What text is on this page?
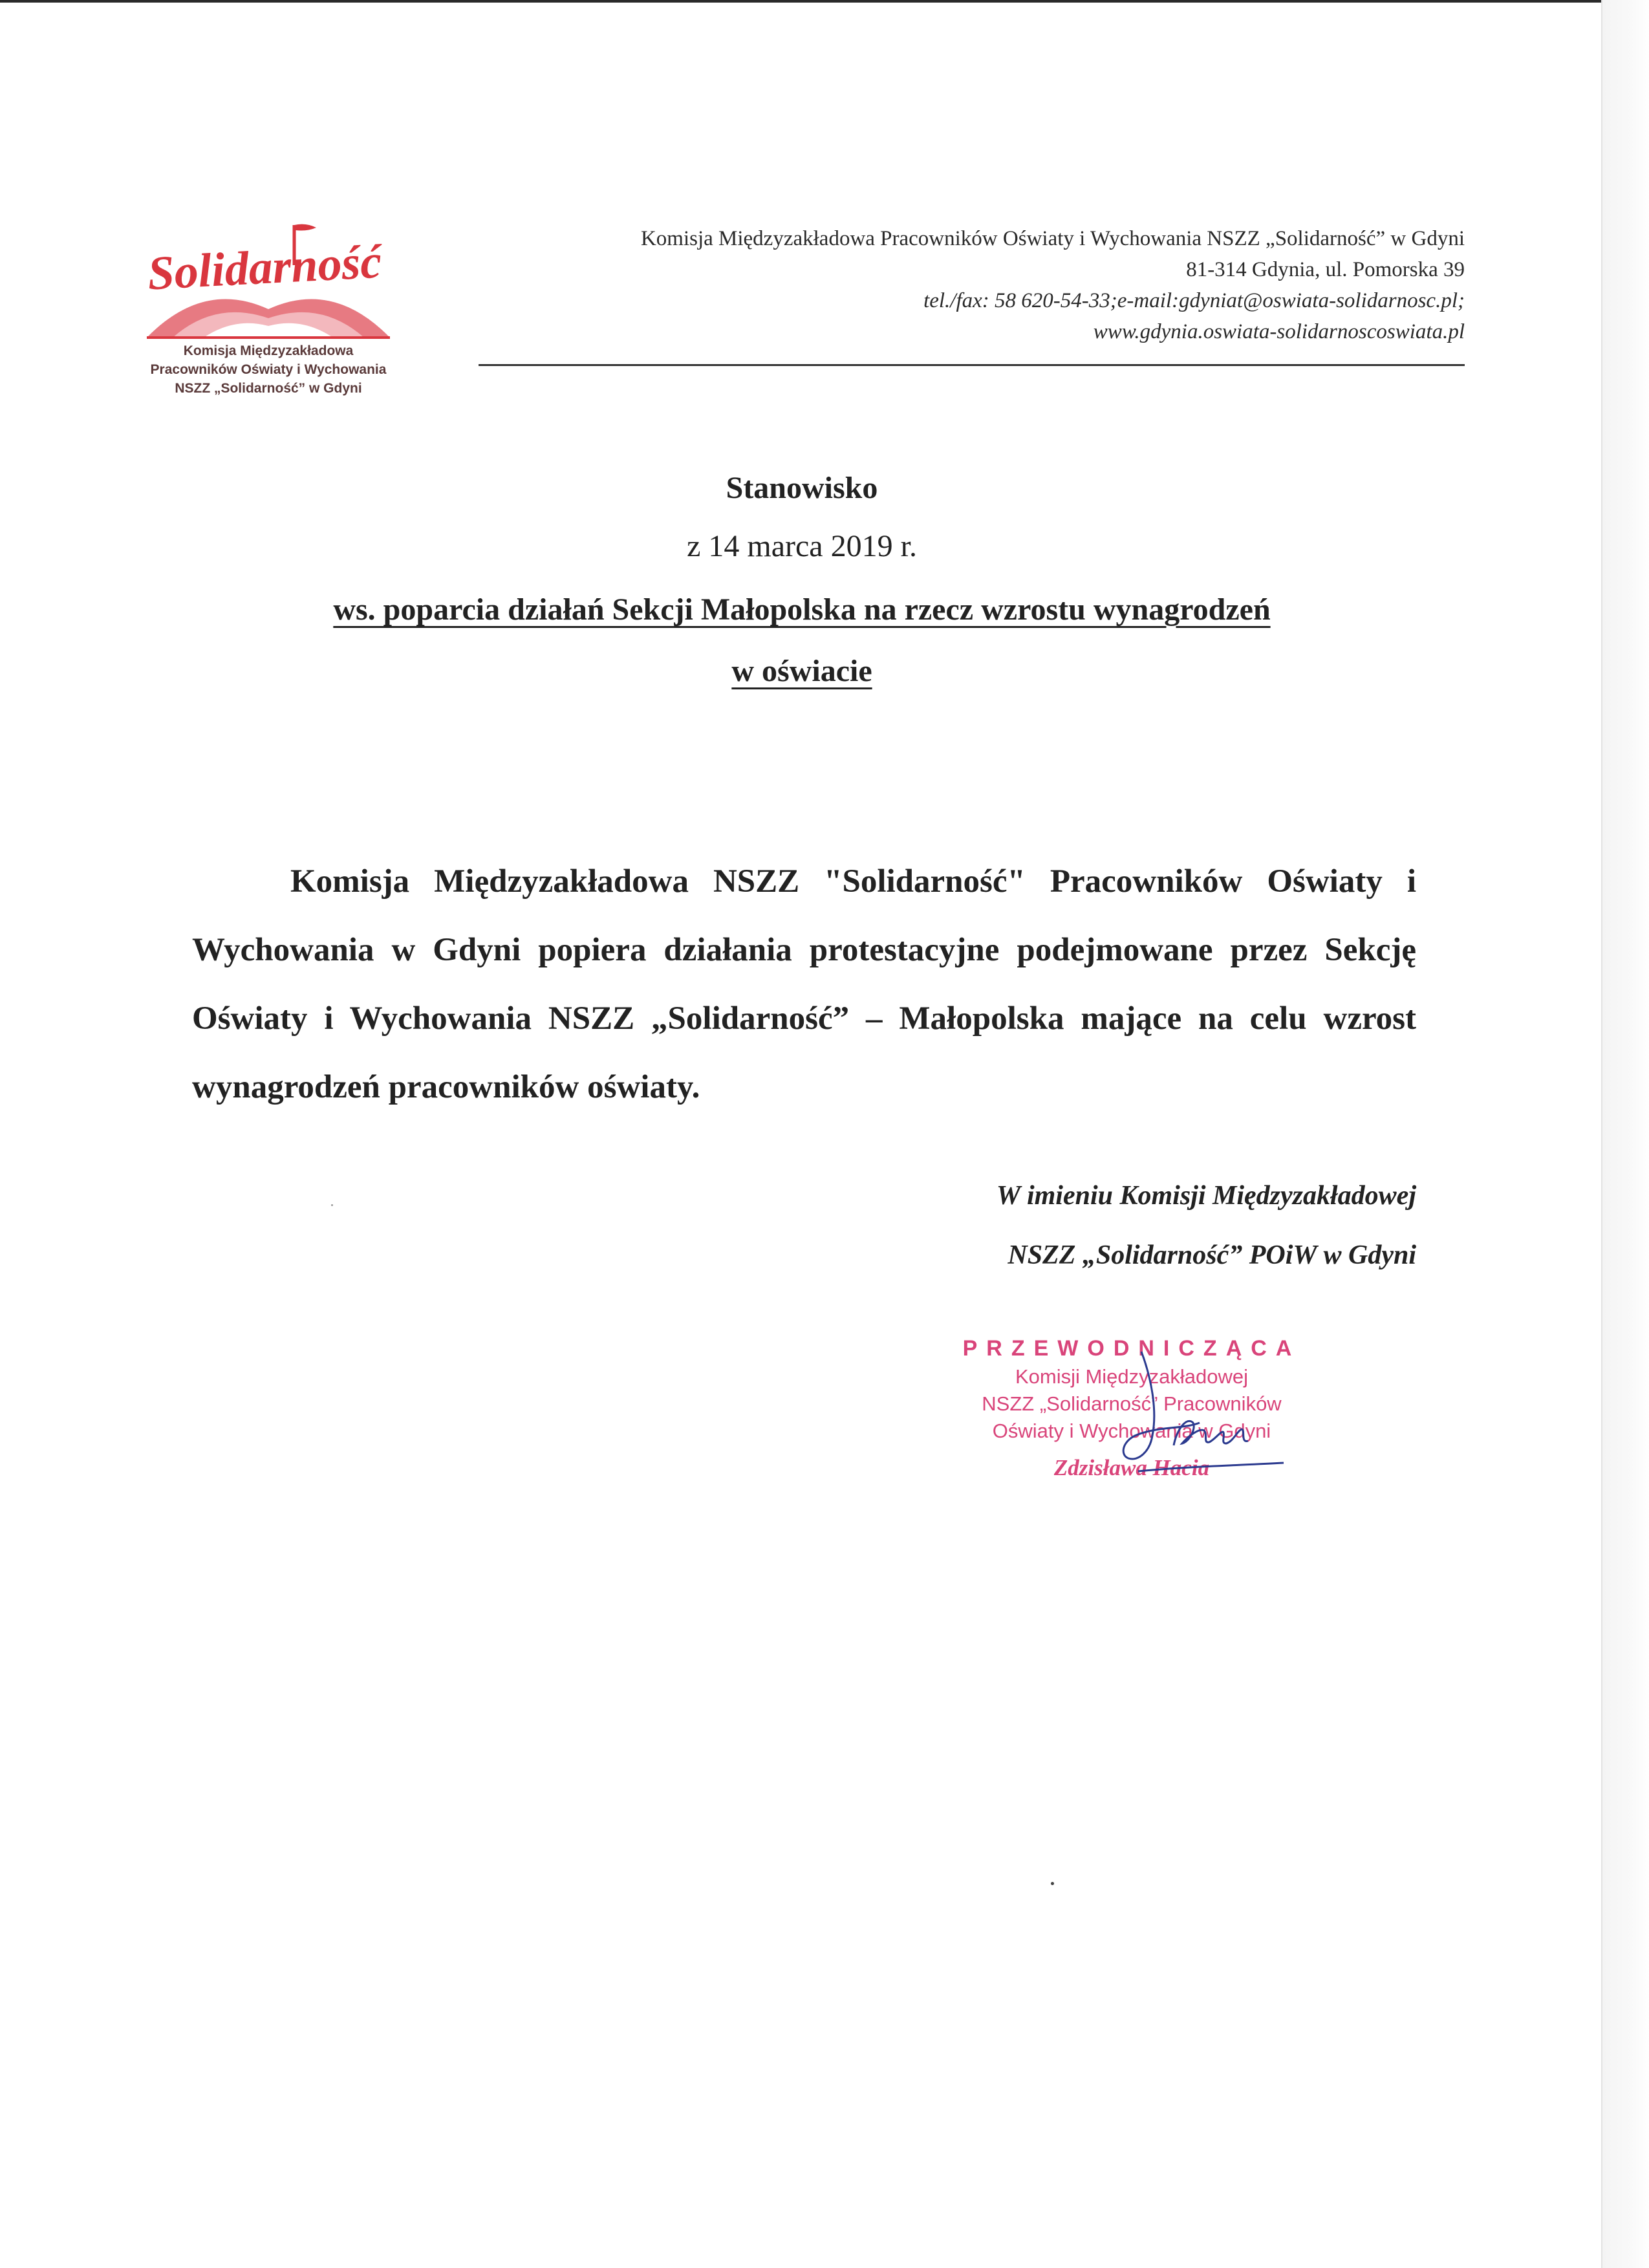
Solidarność
Komisja Międzyzakładowa
Pracowników Oświaty i Wychowania
NSZZ „Solidarność” w Gdyni
Komisja Międzyzakładowa Pracowników Oświaty i Wychowania NSZZ „Solidarność” w Gdyni
81-314 Gdynia, ul. Pomorska 39
tel./fax: 58 620-54-33;e-mail:gdyniat@oswiata-solidarnosc.pl;
www.gdynia.oswiata-solidarnoscoswiata.pl
Stanowisko
z 14 marca 2019 r.
ws. poparcia działań Sekcji Małopolska na rzecz wzrostu wynagrodzeń
w oświacie

Komisja Międzyzakładowa NSZZ "Solidarność" Pracowników Oświaty i Wychowania w Gdyni popiera działania protestacyjne podejmowane przez Sekcję Oświaty i Wychowania NSZZ „Solidarność” – Małopolska mające na celu wzrost wynagrodzeń pracowników oświaty.

W imieniu Komisji Międzyzakładowej
NSZZ „Solidarność” POiW w Gdyni
PRZEWODNICZĄCA
Komisji Międzyzakładowej
NSZZ „Solidarność” Pracowników
Oświaty i Wychowania w Gdyni
Zdzisława Hacia
